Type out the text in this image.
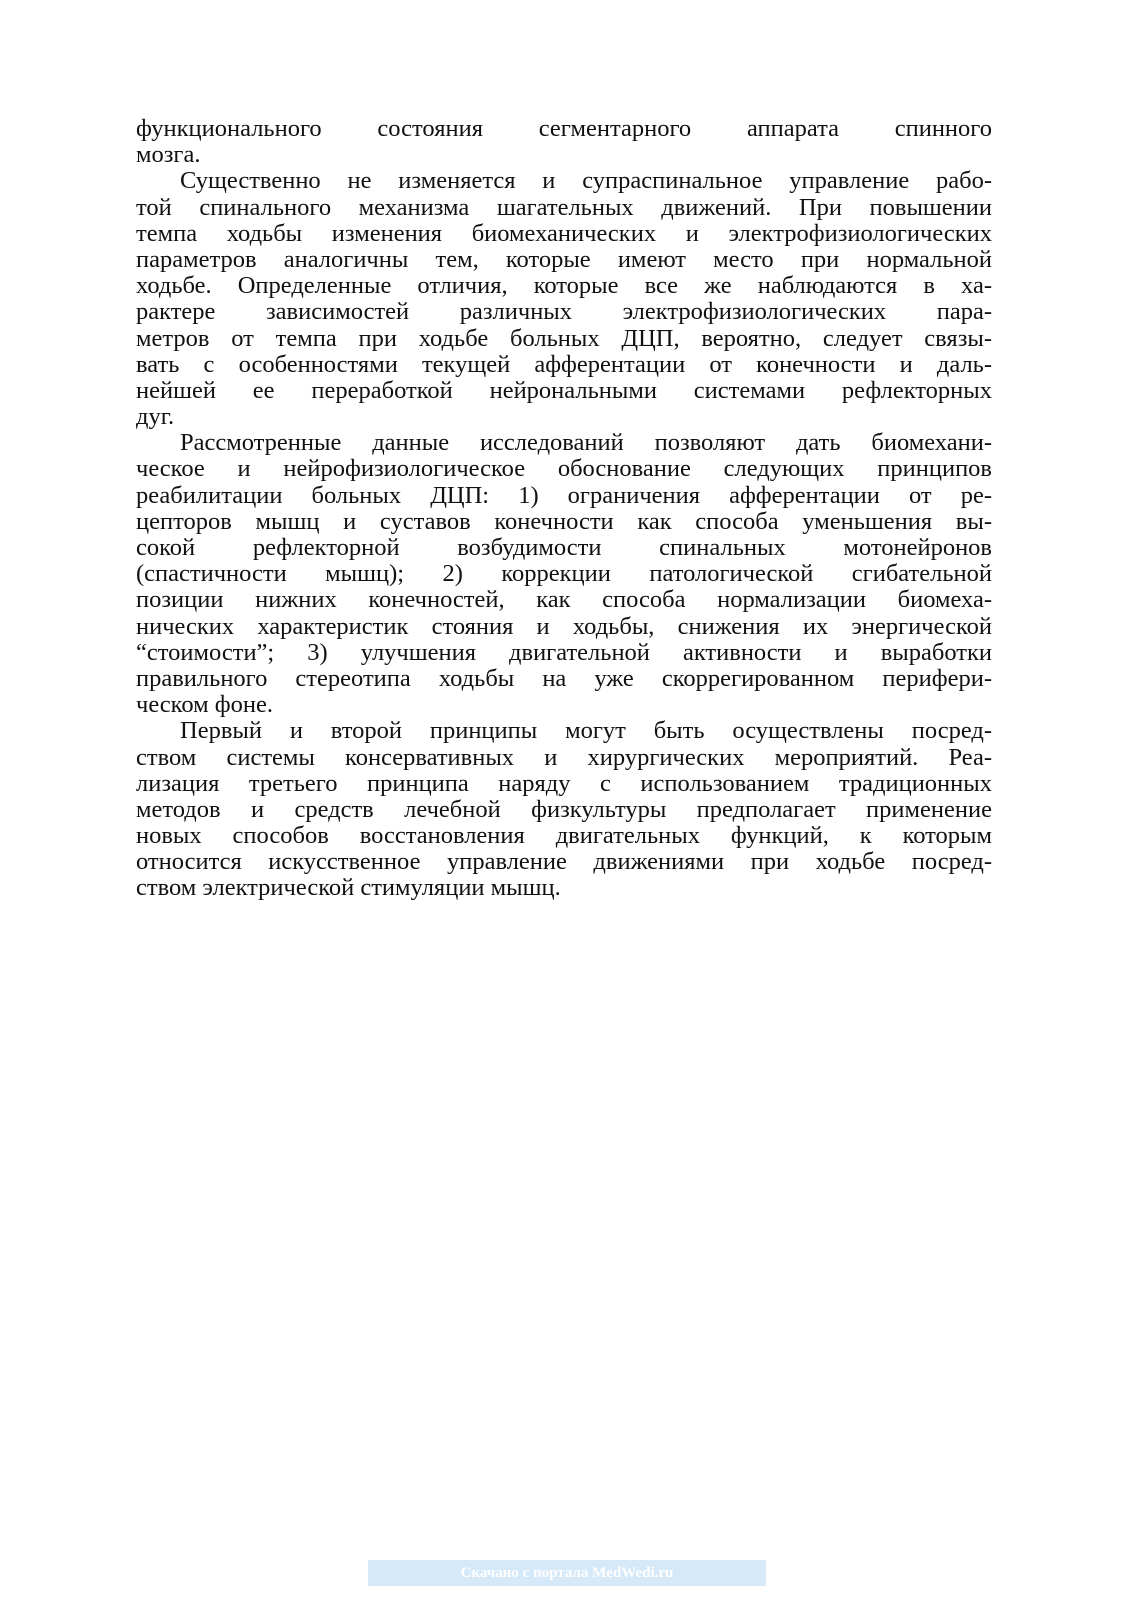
функционального состояния сегментарного аппарата спинного
мозга.
Существенно не изменяется и супраспинальное управление рабо-
той спинального механизма шагательных движений. При повышении
темпа ходьбы изменения биомеханических и электрофизиологических
параметров аналогичны тем, которые имеют место при нормальной
ходьбе. Определенные отличия, которые все же наблюдаются в ха-
рактере зависимостей различных электрофизиологических пара-
метров от темпа при ходьбе больных ДЦП, вероятно, следует связы-
вать с особенностями текущей афферентации от конечности и даль-
нейшей ее переработкой нейрональными системами рефлекторных
дуг.
Рассмотренные данные исследований позволяют дать биомехани-
ческое и нейрофизиологическое обоснование следующих принципов
реабилитации больных ДЦП: 1) ограничения афферентации от ре-
цепторов мышц и суставов конечности как способа уменьшения вы-
сокой рефлекторной возбудимости спинальных мотонейронов
(спастичности мышц); 2) коррекции патологической сгибательной
позиции нижних конечностей, как способа нормализации биомеха-
нических характеристик стояния и ходьбы, снижения их энергической
“стоимости”; 3) улучшения двигательной активности и выработки
правильного стереотипа ходьбы на уже скоррегированном перифери-
ческом фоне.
Первый и второй принципы могут быть осуществлены посред-
ством системы консервативных и хирургических мероприятий. Реа-
лизация третьего принципа наряду с использованием традиционных
методов и средств лечебной физкультуры предполагает применение
новых способов восстановления двигательных функций, к которым
относится искусственное управление движениями при ходьбе посред-
ством электрической стимуляции мышц.
Скачано с портала MedWedi.ru
